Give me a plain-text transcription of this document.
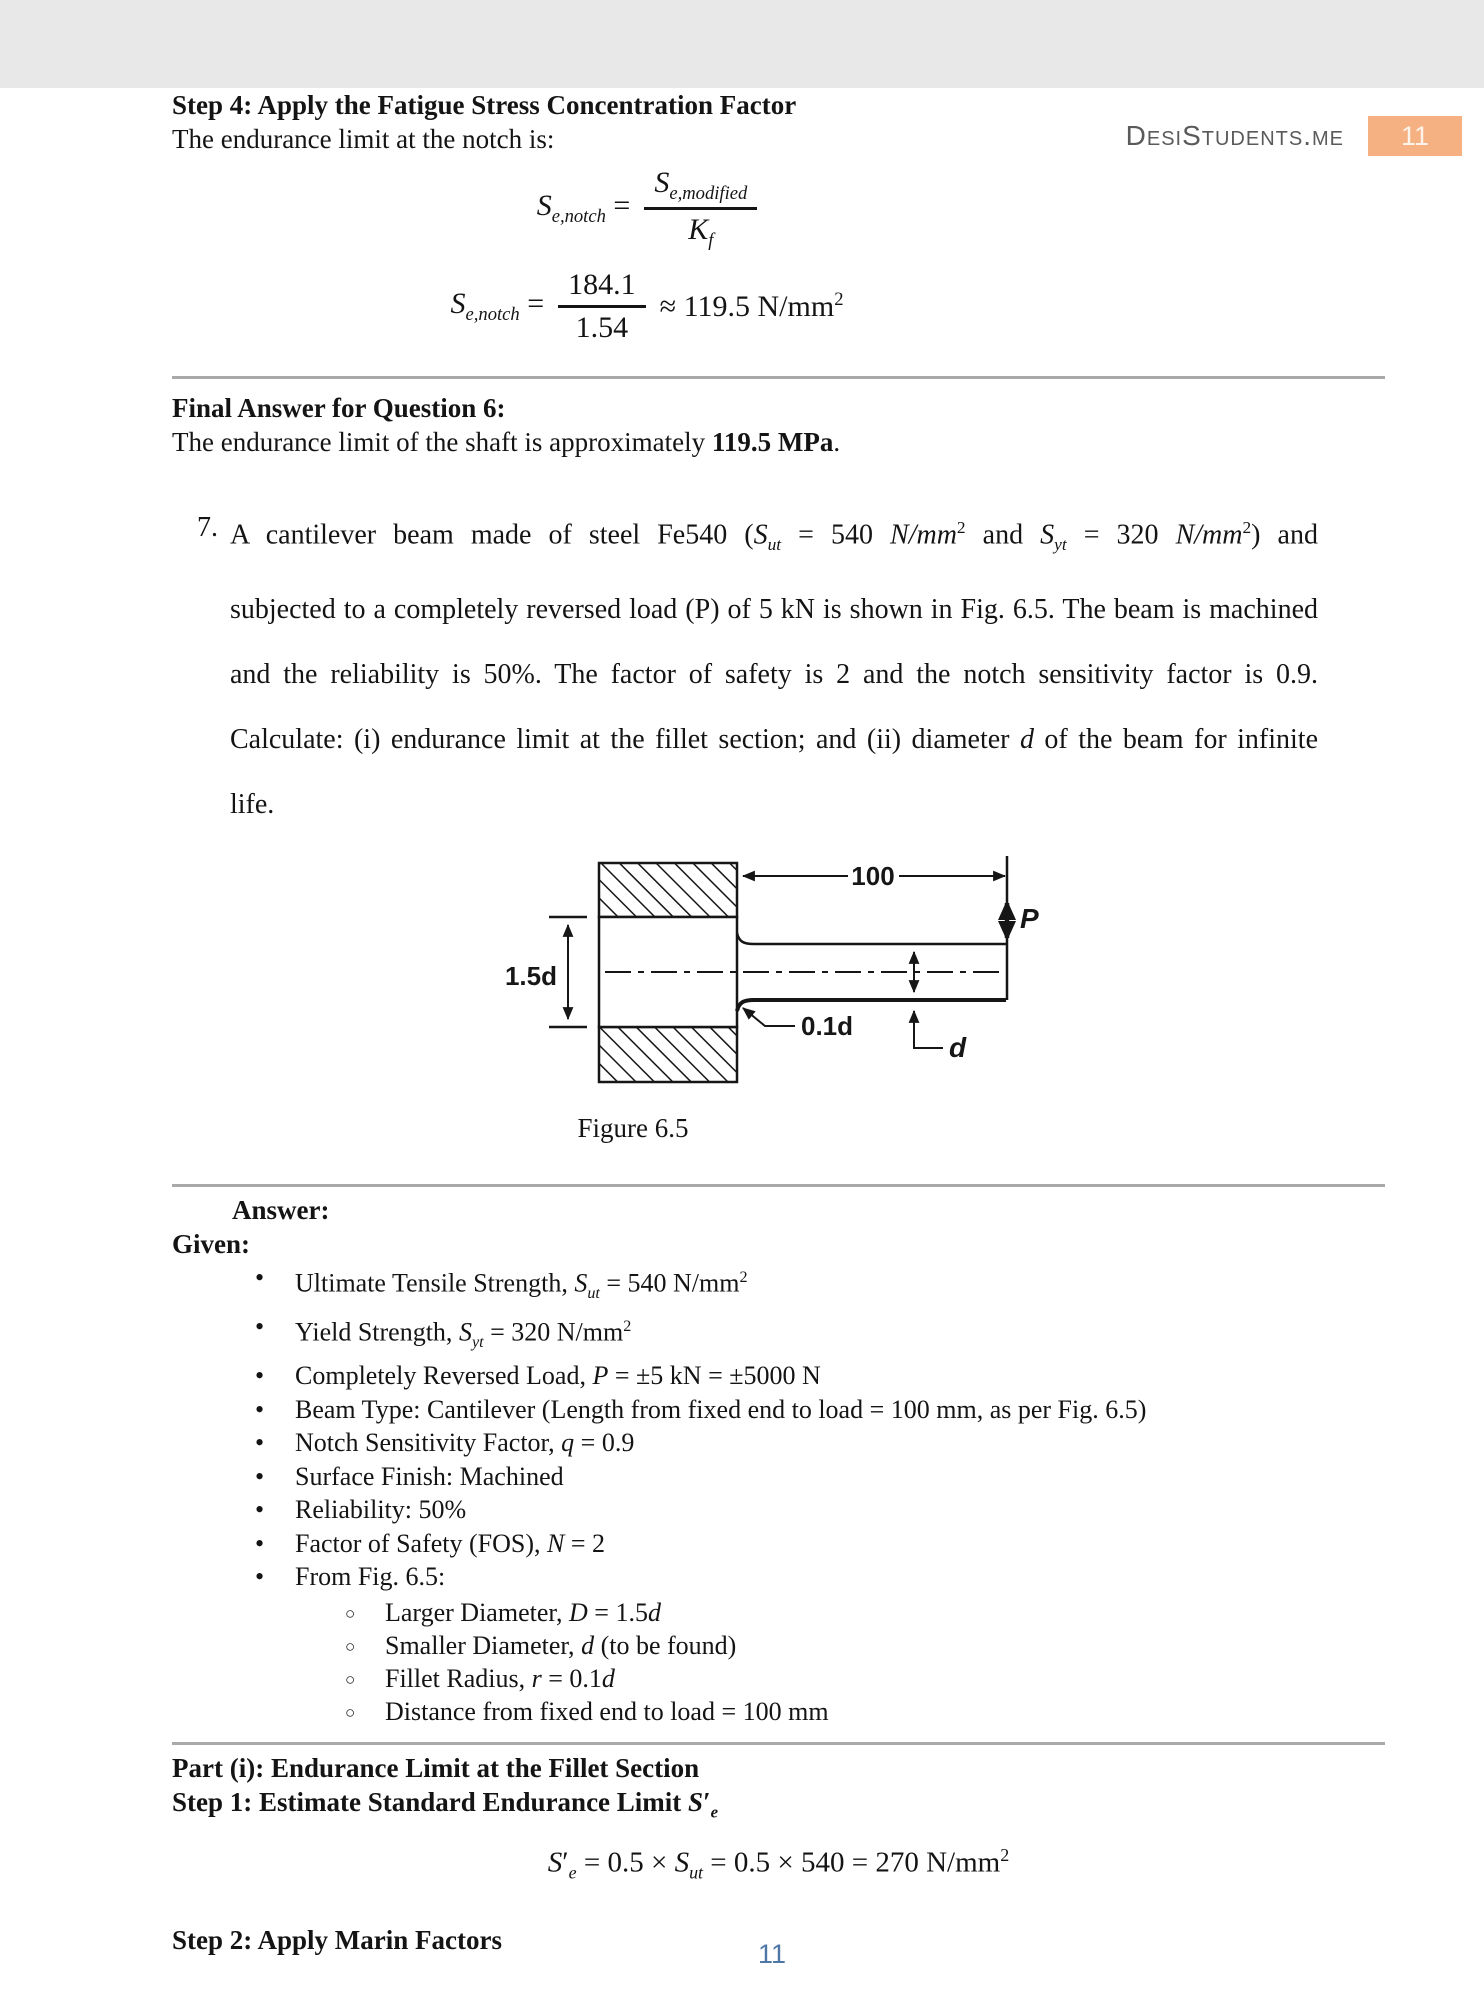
DesiStudents.me	11
Step 4: Apply the Fatigue Stress Concentration Factor
The endurance limit at the notch is:
$S_{e,notch} = \frac{S_{e,modified}}{K_f}$
$S_{e,notch} = \frac{184.1}{1.54} \approx 119.5$ $N/mm^2$
Final Answer for Question 6:
The endurance limit of the shaft is approximately 119.5 MPa.
7. A cantilever beam made of steel Fe540 ($S_{ut} = 540$ $N/mm^2$ and $S_{yt} = 320$ $N/mm^2$) and
subjected to a completely reversed load (P) of 5 kN is shown in Fig. 6.5. The beam is machined
and the reliability is 50%. The factor of safety is 2 and the notch sensitivity factor is 0.9.
Calculate: (i) endurance limit at the fillet section; and (ii) diameter d of the beam for infinite
life.
1.5d
100
P
d
0.1d
Figure 6.5
Answer:
Given:
• Ultimate Tensile Strength, $S_{ut} = 540$ $N/mm^2$
• Yield Strength, $S_{yt} = 320$ $N/mm^2$
• Completely Reversed Load, P = ±5 kN = ±5000 N
• Beam Type: Cantilever (Length from fixed end to load = 100 mm, as per Fig. 6.5)
• Notch Sensitivity Factor, q = 0.9
• Surface Finish: Machined
• Reliability: 50%
• Factor of Safety (FOS), N = 2
• From Fig. 6.5:
○ Larger Diameter, D = 1.5d
○ Smaller Diameter, d (to be found)
○ Fillet Radius, r = 0.1d
○ Distance from fixed end to load = 100 mm
Part (i): Endurance Limit at the Fillet Section
Step 1: Estimate Standard Endurance Limit $S'_e$
$S'_e = 0.5 \times S_{ut} = 0.5 \times 540 = 270$ $N/mm^2$
Step 2: Apply Marin Factors	11
